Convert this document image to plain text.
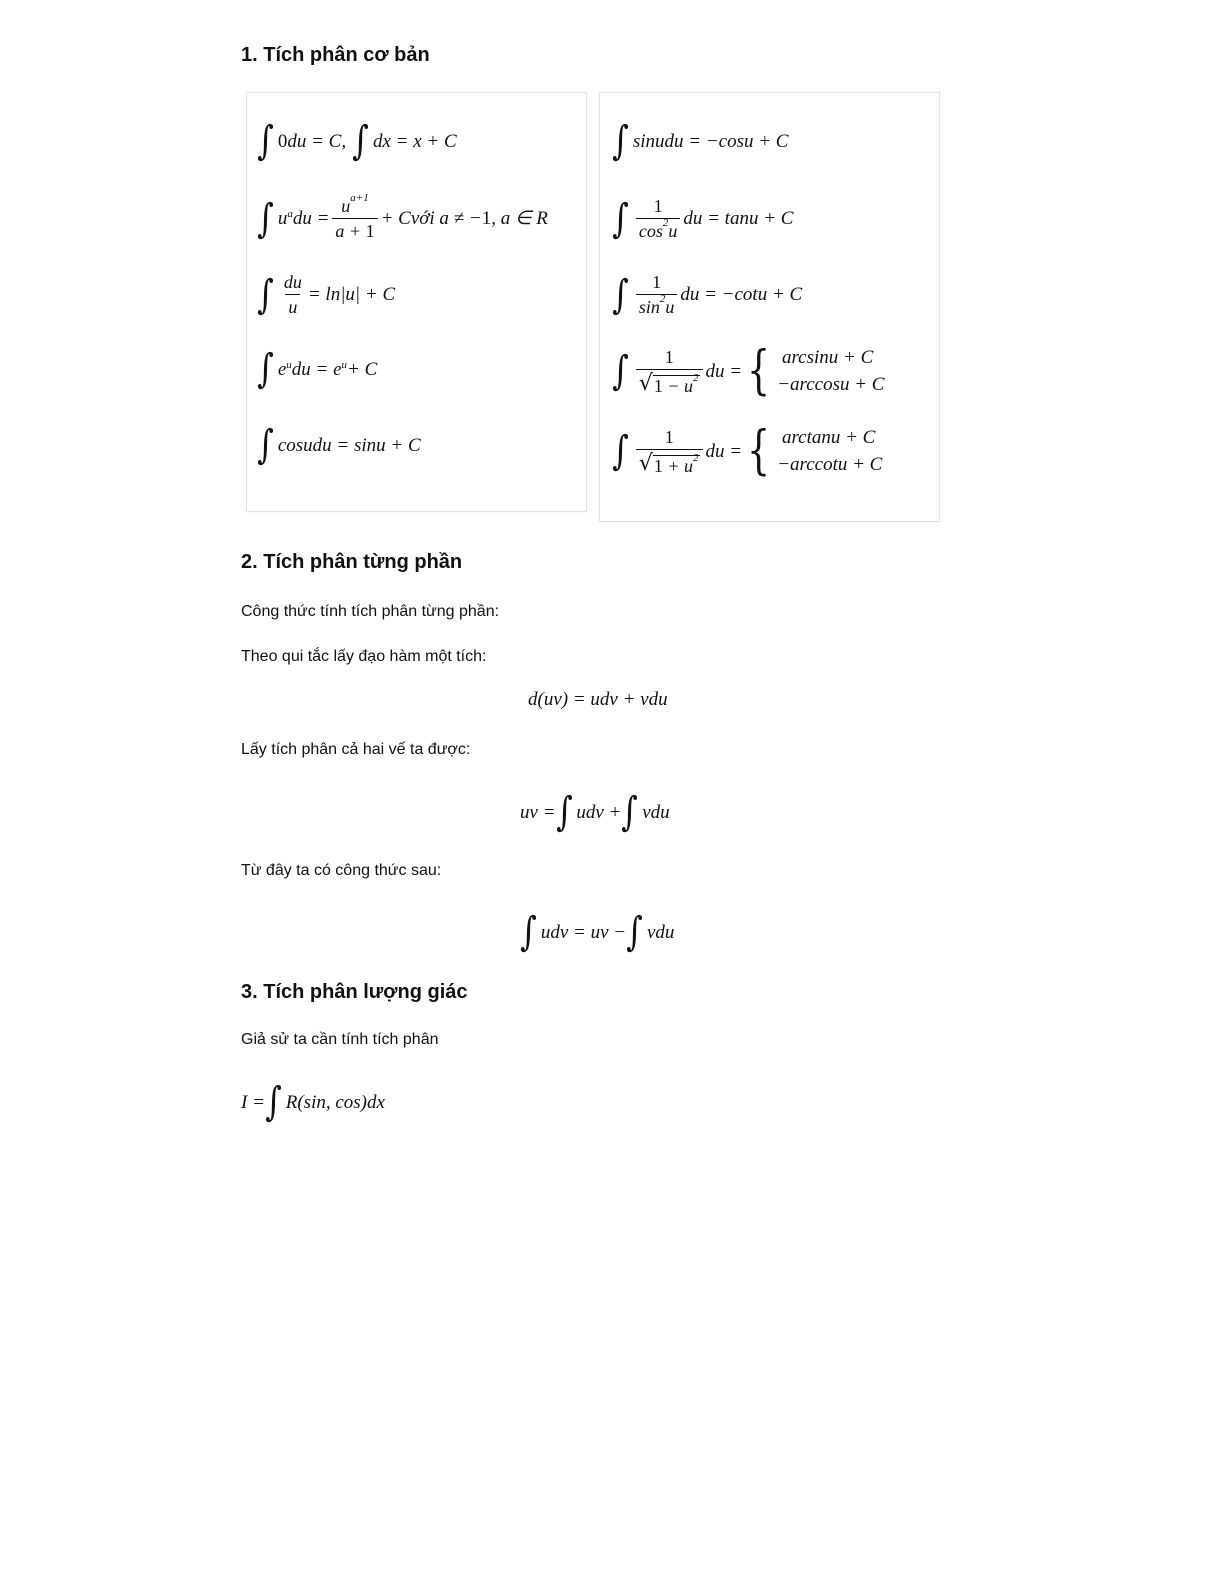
1. Tích phân cơ bản
∫ 0 du = C, ∫ dx = x + C
∫ $u^a$ du = $\frac{u^{a+1}}{a + 1}$ + Cvới a ≠ − 1 , a ∈ R
∫ $\frac{du}{u} = \ln|u| + C$
∫ $e^u$ du = $e^u + C$
∫ cosudu = sinu + C
∫ sinudu = −cosu + C
∫ $\frac{1}{\cos^2u}$ du = tanu + C
∫ $\frac{1}{\sin^2u}$ du = −cotu + C
∫ $\frac{1}{√ 1 - u^2}$ du = { arcsinu + C
−arccosu + C
∫ $\frac{1}{√ 1 + u^2}$ du = { arctanu + C
−arccotu + C
2. Tích phân từng phần

Công thức tính tích phân từng phần:

Theo qui tắc lấy đạo hàm một tích:

d(uv) = udv + vdu

Lấy tích phân cả hai vế ta được:

uv = ∫ udv + ∫ vdu

Từ đây ta có công thức sau:

∫ udv = uv − ∫ vdu
3. Tích phân lượng giác

Giả sử ta cần tính tích phân

I = ∫ R(sin, cos)dx
